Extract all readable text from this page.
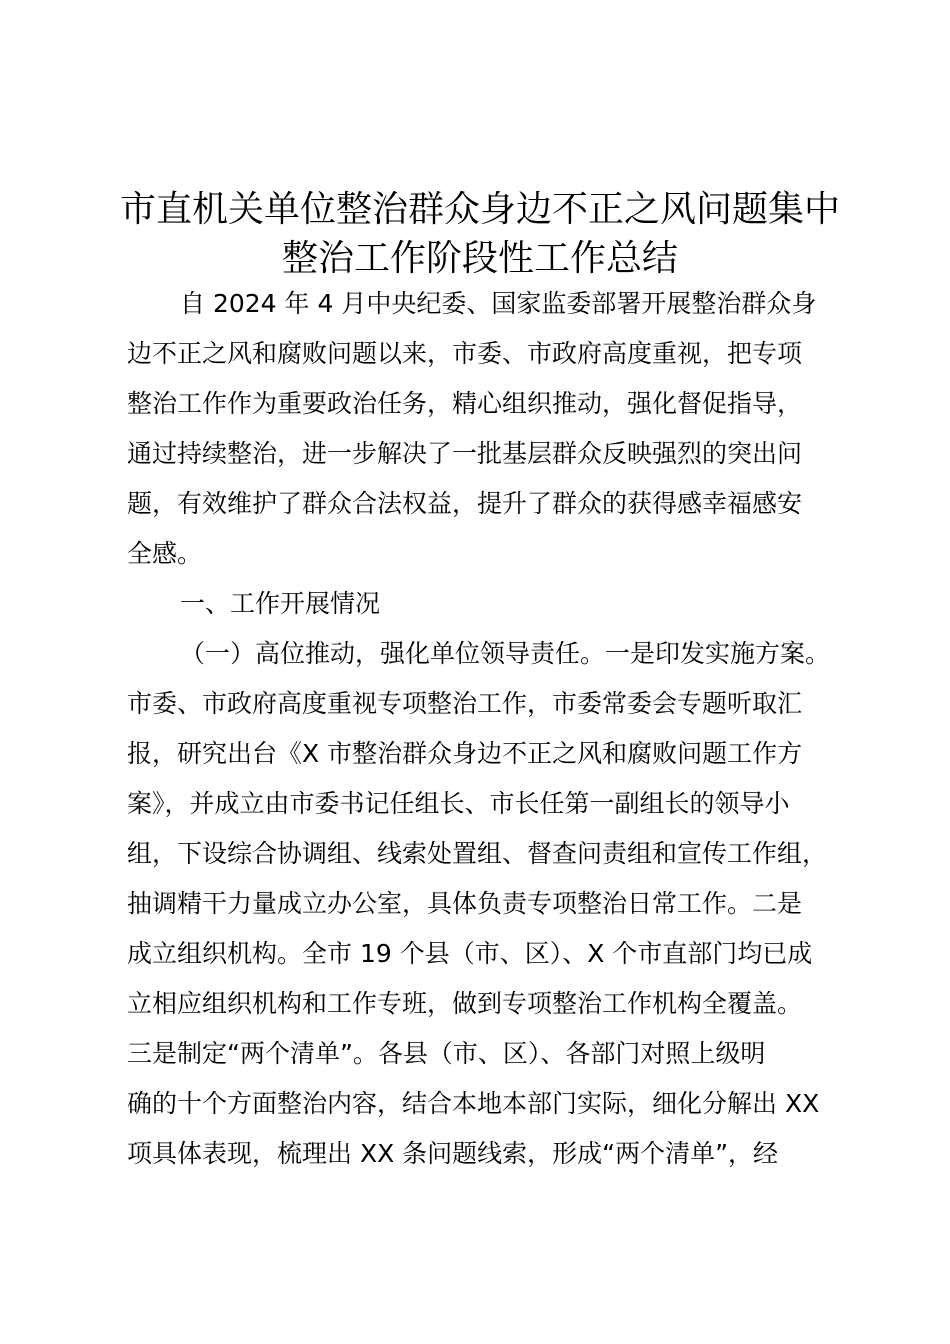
市直机关单位整治群众身边不正之风问题集中
整治工作阶段性工作总结
自 2024 年 4 月中央纪委、国家监委部署开展整治群众身
边不正之风和腐败问题以来，市委、市政府高度重视，把专项
整治工作作为重要政治任务，精心组织推动，强化督促指导，
通过持续整治，进一步解决了一批基层群众反映强烈的突出问
题，有效维护了群众合法权益，提升了群众的获得感幸福感安
全感。
一、工作开展情况
（一）高位推动，强化单位领导责任。一是印发实施方案。
市委、市政府高度重视专项整治工作，市委常委会专题听取汇
报，研究出台《X 市整治群众身边不正之风和腐败问题工作方
案》，并成立由市委书记任组长、市长任第一副组长的领导小
组，下设综合协调组、线索处置组、督查问责组和宣传工作组，
抽调精干力量成立办公室，具体负责专项整治日常工作。二是
成立组织机构。全市 19 个县（市、区）、X 个市直部门均已成
立相应组织机构和工作专班，做到专项整治工作机构全覆盖。
三是制定“两个清单”。各县（市、区）、各部门对照上级明
确的十个方面整治内容，结合本地本部门实际，细化分解出 XX
项具体表现，梳理出 XX 条问题线索，形成“两个清单”，经
